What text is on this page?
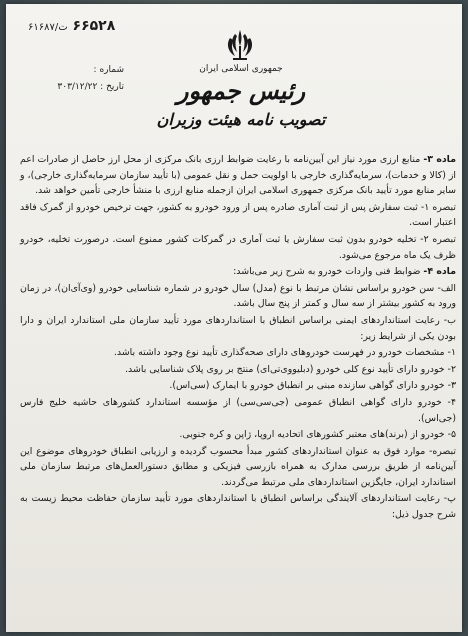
۶۶۵۲۸ ت/۶۱۶۸۷
شماره :
تاریخ : ۳۰۳/۱۲/۲۲
جمهوری اسلامی ایران
رئیس جمهور
تصویب نامه هیئت وزیران

ماده ۳- منابع ارزی مورد نیاز این آیین‌نامه با رعایت ضوابط ارزی بانک مرکزی از محل ارز حاصل از صادرات اعم از (کالا و خدمات)، سرمایه‌گذاری خارجی با اولویت حمل و نقل عمومی (با تأیید سازمان سرمایه‌گذاری خارجی)، و سایر منابع مورد تأیید بانک مرکزی جمهوری اسلامی ایران ازجمله منابع ارزی با منشأ خارجی تأمین خواهد شد.

تبصره ۱- ثبت سفارش پس از ثبت آماری صادره پس از ورود خودرو به کشور، جهت ترخیص خودرو از گمرک فاقد اعتبار است.

تبصره ۲- تخلیه خودرو بدون ثبت سفارش یا ثبت آماری در گمرکات کشور ممنوع است. درصورت تخلیه، خودرو ظرف یک ماه مرجوع می‌شود.

ماده ۴- ضوابط فنی واردات خودرو به شرح زیر می‌باشد:

الف- سن خودرو براساس نشان مرتبط با نوع (مدل) سال خودرو در شماره شناسایی خودرو (وی‌آی‌ان)، در زمان ورود به کشور بیشتر از سه سال و کمتر از پنج سال باشد.

ب- رعایت استانداردهای ایمنی براساس انطباق با استانداردهای مورد تأیید سازمان ملی استاندارد ایران و دارا بودن یکی از شرایط زیر:

۱- مشخصات خودرو در فهرست خودروهای دارای صحه‌گذاری تأیید نوع وجود داشته باشد.

۲- خودرو دارای تأیید نوع کلی خودرو (دبلیووی‌تی‌ای) منتج بر روی پلاک شناسایی باشد.

۳- خودرو دارای گواهی سازنده مبنی بر انطباق خودرو با ایمارک (سی‌اس).

۴- خودرو دارای گواهی انطباق عمومی (جی‌سی‌سی) از مؤسسه استاندارد کشورهای حاشیه خلیج فارس (جی‌اس).

۵- خودرو از (برند)های معتبر کشورهای اتحادیه اروپا، ژاپن و کره جنوبی.

تبصره- موارد فوق به عنوان استانداردهای کشور مبدأ محسوب گردیده و ارزیابی انطباق خودروهای موضوع این آیین‌نامه از طریق بررسی مدارک به همراه بازرسی فیزیکی و مطابق دستورالعمل‌های مرتبط سازمان ملی استاندارد ایران، جایگزین استانداردهای ملی مرتبط می‌گردند.

پ- رعایت استانداردهای آلایندگی براساس انطباق با استانداردهای مورد تأیید سازمان حفاظت محیط زیست به شرح جدول ذیل:
